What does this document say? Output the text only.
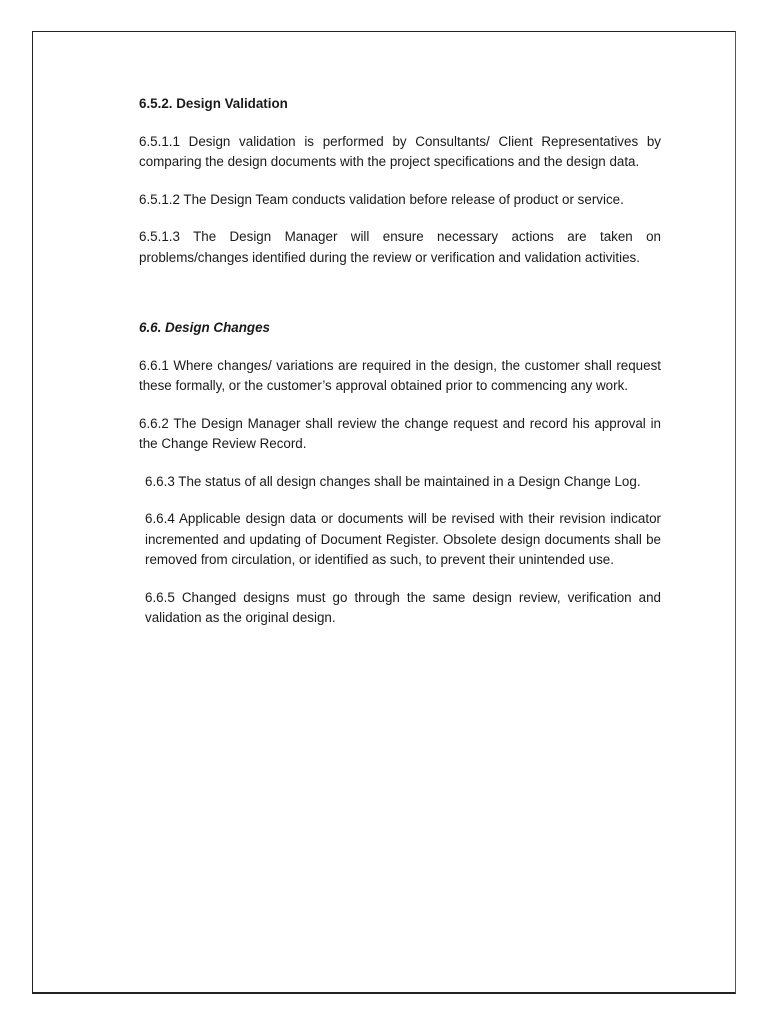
6.5.2. Design Validation

6.5.1.1 Design validation is performed by Consultants/ Client Representatives by comparing the design documents with the project specifications and the design data.

6.5.1.2 The Design Team conducts validation before release of product or service.

6.5.1.3 The Design Manager will ensure necessary actions are taken on problems/changes identified during the review or verification and validation activities.

6.6. Design Changes

6.6.1 Where changes/ variations are required in the design, the customer shall request these formally, or the customer’s approval obtained prior to commencing any work.

6.6.2 The Design Manager shall review the change request and record his approval in the Change Review Record.

6.6.3 The status of all design changes shall be maintained in a Design Change Log.

6.6.4 Applicable design data or documents will be revised with their revision indicator incremented and updating of Document Register. Obsolete design documents shall be removed from circulation, or identified as such, to prevent their unintended use.

6.6.5 Changed designs must go through the same design review, verification and validation as the original design.
